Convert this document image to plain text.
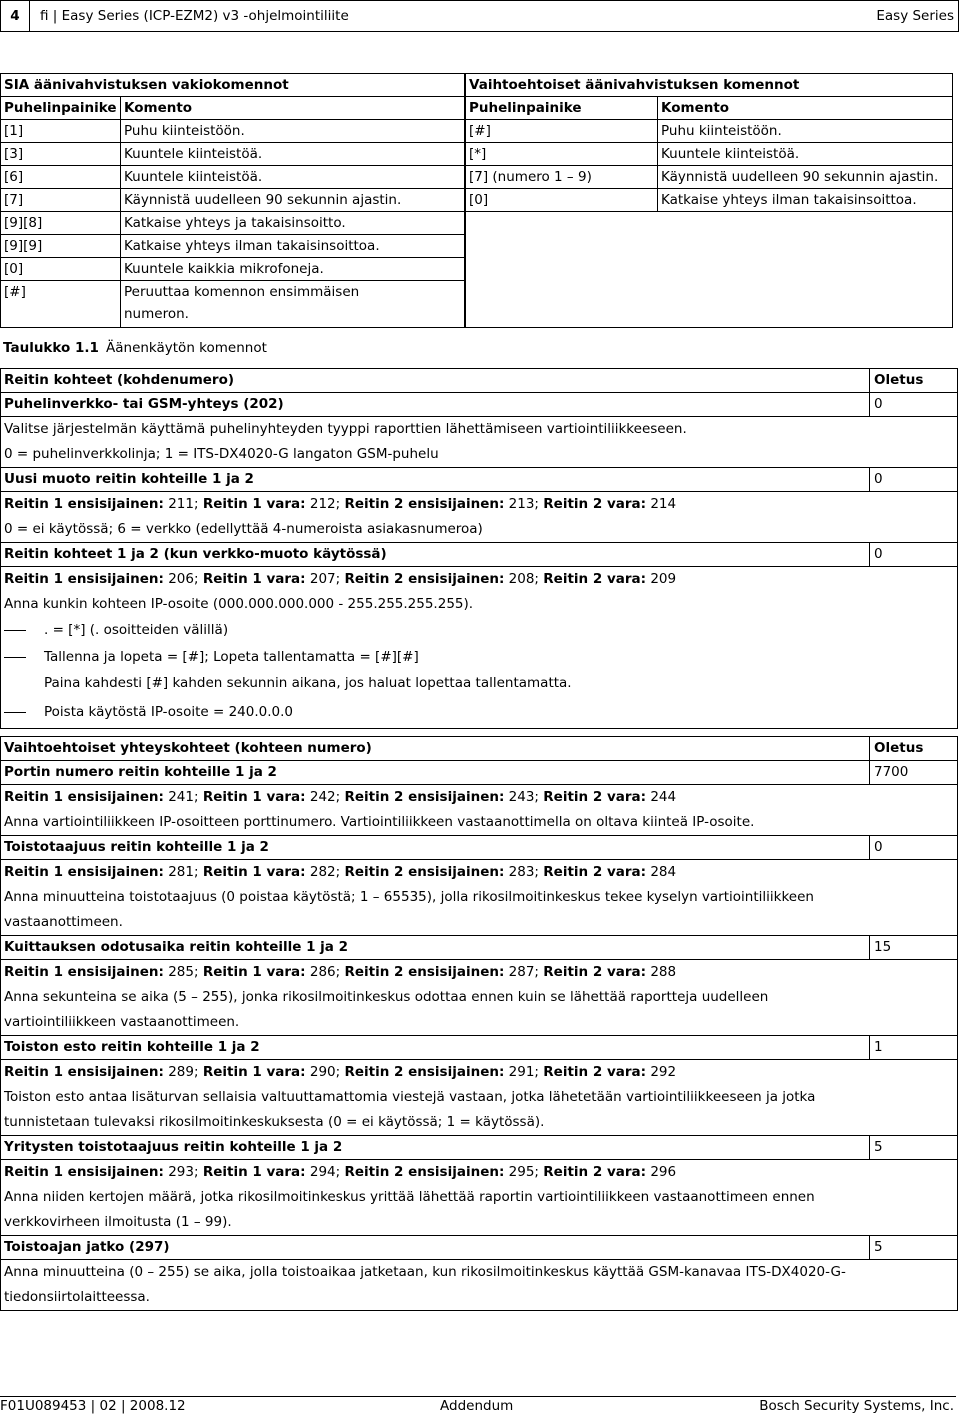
4	fi | Easy Series (ICP-EZM2) v3 -ohjelmointiliite	Easy Series
SIA äänivahvistuksen vakiokomennot		Vaihtoehtoiset äänivahvistuksen komennot	
Puhelinpainike	Komento	Puhelinpainike	Komento
[1]	Puhu kiinteistöön.	[#]	Puhu kiinteistöön.
[3]	Kuuntele kiinteistöä.	[*]	Kuuntele kiinteistöä.
[6]	Kuuntele kiinteistöä.	[7] (numero 1 – 9)	Käynnistä uudelleen 90 sekunnin ajastin.
[7]	Käynnistä uudelleen 90 sekunnin ajastin.	[0]	Katkaise yhteys ilman takaisinsoittoa.
[9][8]	Katkaise yhteys ja takaisinsoitto.		
[9][9]	Katkaise yhteys ilman takaisinsoittoa.		
[0]	Kuuntele kaikkia mikrofoneja.		
[#]	Peruuttaa komennon ensimmäisen		
	numeron.		
Taulukko 1.1 Äänenkäytön komennot
Reitin kohteet (kohdenumero)	Oletus
Puhelinverkko- tai GSM-yhteys (202)	0
Valitse järjestelmän käyttämä puhelinyhteyden tyyppi raporttien lähettämiseen vartiointiliikkeeseen.
0 = puhelinverkkolinja; 1 = ITS-DX4020-G langaton GSM-puhelu
Uusi muoto reitin kohteille 1 ja 2	0
Reitin 1 ensisijainen: 211; Reitin 1 vara: 212; Reitin 2 ensisijainen: 213; Reitin 2 vara: 214
0 = ei käytössä; 6 = verkko (edellyttää 4-numeroista asiakasnumeroa)
Reitin kohteet 1 ja 2 (kun verkko-muoto käytössä)	0
Reitin 1 ensisijainen: 206; Reitin 1 vara: 207; Reitin 2 ensisijainen: 208; Reitin 2 vara: 209
Anna kunkin kohteen IP-osoite (000.000.000.000 - 255.255.255.255).
. = [*] (. osoitteiden välillä)
Tallenna ja lopeta = [#]; Lopeta tallentamatta = [#][#]
Paina kahdesti [#] kahden sekunnin aikana, jos haluat lopettaa tallentamatta.
Poista käytöstä IP-osoite = 240.0.0.0
Vaihtoehtoiset yhteyskohteet (kohteen numero)	Oletus
Portin numero reitin kohteille 1 ja 2	7700
Reitin 1 ensisijainen: 241; Reitin 1 vara: 242; Reitin 2 ensisijainen: 243; Reitin 2 vara: 244
Anna vartiointiliikkeen IP-osoitteen porttinumero. Vartiointiliikkeen vastaanottimella on oltava kiinteä IP-osoite.
Toistotaajuus reitin kohteille 1 ja 2	0
Reitin 1 ensisijainen: 281; Reitin 1 vara: 282; Reitin 2 ensisijainen: 283; Reitin 2 vara: 284
Anna minuutteina toistotaajuus (0 poistaa käytöstä; 1 – 65535), jolla rikosilmoitinkeskus tekee kyselyn vartiointiliikkeen
vastaanottimeen.
Kuittauksen odotusaika reitin kohteille 1 ja 2	15
Reitin 1 ensisijainen: 285; Reitin 1 vara: 286; Reitin 2 ensisijainen: 287; Reitin 2 vara: 288
Anna sekunteina se aika (5 – 255), jonka rikosilmoitinkeskus odottaa ennen kuin se lähettää raportteja uudelleen
vartiointiliikkeen vastaanottimeen.
Toiston esto reitin kohteille 1 ja 2	1
Reitin 1 ensisijainen: 289; Reitin 1 vara: 290; Reitin 2 ensisijainen: 291; Reitin 2 vara: 292
Toiston esto antaa lisäturvan sellaisia valtuuttamattomia viestejä vastaan, jotka lähetetään vartiointiliikkeeseen ja jotka
tunnistetaan tulevaksi rikosilmoitinkeskuksesta (0 = ei käytössä; 1 = käytössä).
Yritysten toistotaajuus reitin kohteille 1 ja 2	5
Reitin 1 ensisijainen: 293; Reitin 1 vara: 294; Reitin 2 ensisijainen: 295; Reitin 2 vara: 296
Anna niiden kertojen määrä, jotka rikosilmoitinkeskus yrittää lähettää raportin vartiointiliikkeen vastaanottimeen ennen
verkkovirheen ilmoitusta (1 – 99).
Toistoajan jatko (297)	5
Anna minuutteina (0 – 255) se aika, jolla toistoaikaa jatketaan, kun rikosilmoitinkeskus käyttää GSM-kanavaa ITS-DX4020-G-
tiedonsiirtolaitteessa.
F01U089453 | 02 | 2008.12	Addendum	Bosch Security Systems, Inc.
